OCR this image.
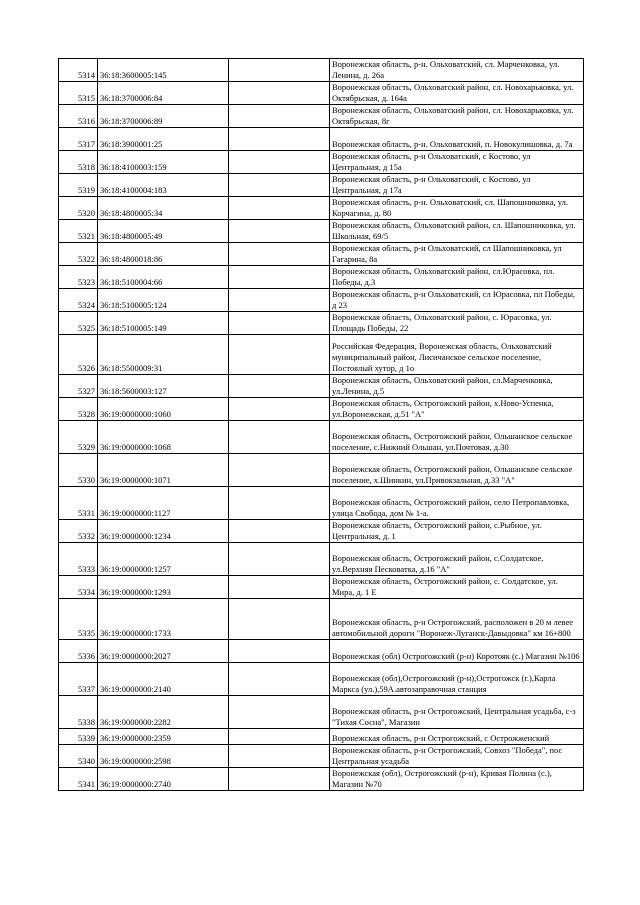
5314	36:18:3600005:145		Воронежская область, р-н. Ольховатский, сл. Марченковка, ул. Ленина, д. 26а
5315	36:18:3700006:84		Воронежская область, Ольховатский район, сл. Новохарьковка, ул. Октябрьская, д. 164а
5316	36:18:3700006:89		Воронежская область, Ольховатский район, сл. Новохарьковка, ул. Октябрьская, 8г
5317	36:18:3900001:25		Воронежская область, р-н. Ольховатский, п. Новокулишовка, д. 7а
5318	36:18:4100003:159		Воронежская область, р-н Ольховатский, с Костово, ул Центральная, д 15а
5319	36:18:4100004:183		Воронежская область, р-н Ольховатский, с Костово, ул Центральная, д 17а
5320	36:18:4800005:34		Воронежская область, р-н. Ольховатский, сл. Шапошниковка, ул. Корчагина, д. 80
5321	36:18:4800005:49		Воронежская область, Ольховатский район, сл. Шапошниковка, ул. Школьная, 69/5
5322	36:18:4800018:86		Воронежская область, р-н Ольховатский, сл Шапошниковка, ул Гагарина, 8а
5323	36:18:5100004:66		Воронежская область, Ольховатский район, сл.Юрасовка, пл. Победы, д.3
5324	36:18:5100005:124		Воронежская область, р-н Ольховатский, сл Юрасовка, пл Победы, д 23
5325	36:18:5100005:149		Воронежская область, Ольховатский район, с. Юрасовка, ул. Площадь Победы, 22
5326	36:18:5500009:31		Российская Федерация, Воронежская область, Ольховатский муниципальный район, Лисичанское сельское поселение, Постоялый хутор, д 1о
5327	36:18:5600003:127		Воронежская область, Ольховатский район, сл.Марченковка, ул.Ленина, д.5
5328	36:19:0000000:1060		Воронежская область, Острогожский район, х.Ново-Успенка, ул.Воронежская, д.51 "А"
5329	36:19:0000000:1068		Воронежская область, Острогожский район, Ольшанское сельское поселение, с.Нижний Ольшан, ул.Почтовая, д.30
5330	36:19:0000000:1071		Воронежская область, Острогожский район, Ольшанское сельское поселение, х.Шинкин, ул.Привокзальная, д.33 "А"
5331	36:19:0000000:1127		Воронежская область, Острогожский район, село Петропавловка, улица Свобода, дом № 1-а.
5332	36:19:0000000:1234		Воронежская область, Острогожский район, с.Рыбное, ул. Центральная, д. 1
5333	36:19:0000000:1257		Воронежская область, Острогожский район, с.Солдатское, ул.Верхняя Песковатка, д.16 "А"
5334	36:19:0000000:1293		Воронежская область, Острогожский район, с. Солдатское, ул. Мира, д. 1 Е
5335	36:19:0000000:1733		Воронежская область, р-н Острогожский, расположен в 20 м левее автомобильной дороги "Воронеж-Луганск-Давыдовка" км 16+800
5336	36:19:0000000:2027		Воронежская (обл) Острогожский (р-н) Коротояк (с.) Магазин №106
5337	36:19:0000000:2140		Воронежская (обл),Острогожский (р-н),Острогожск (г.),Карла Маркса (ул.),59А.автозаправочная станция
5338	36:19:0000000:2282		Воронежская область, р-н Острогожский, Центральная усадьба, с-з "Тихая Сосна", Магазин
5339	36:19:0000000:2359		Воронежская область, р-н Острогожский, с Острожженский
5340	36:19:0000000:2598		Воронежская область, р-н Острогожский, Совхоз "Победа", пос Центральная усадьба
5341	36:19:0000000:2740		Воронежская (обл), Острогожский (р-н), Кривая Полина (с.), Магазин №70
